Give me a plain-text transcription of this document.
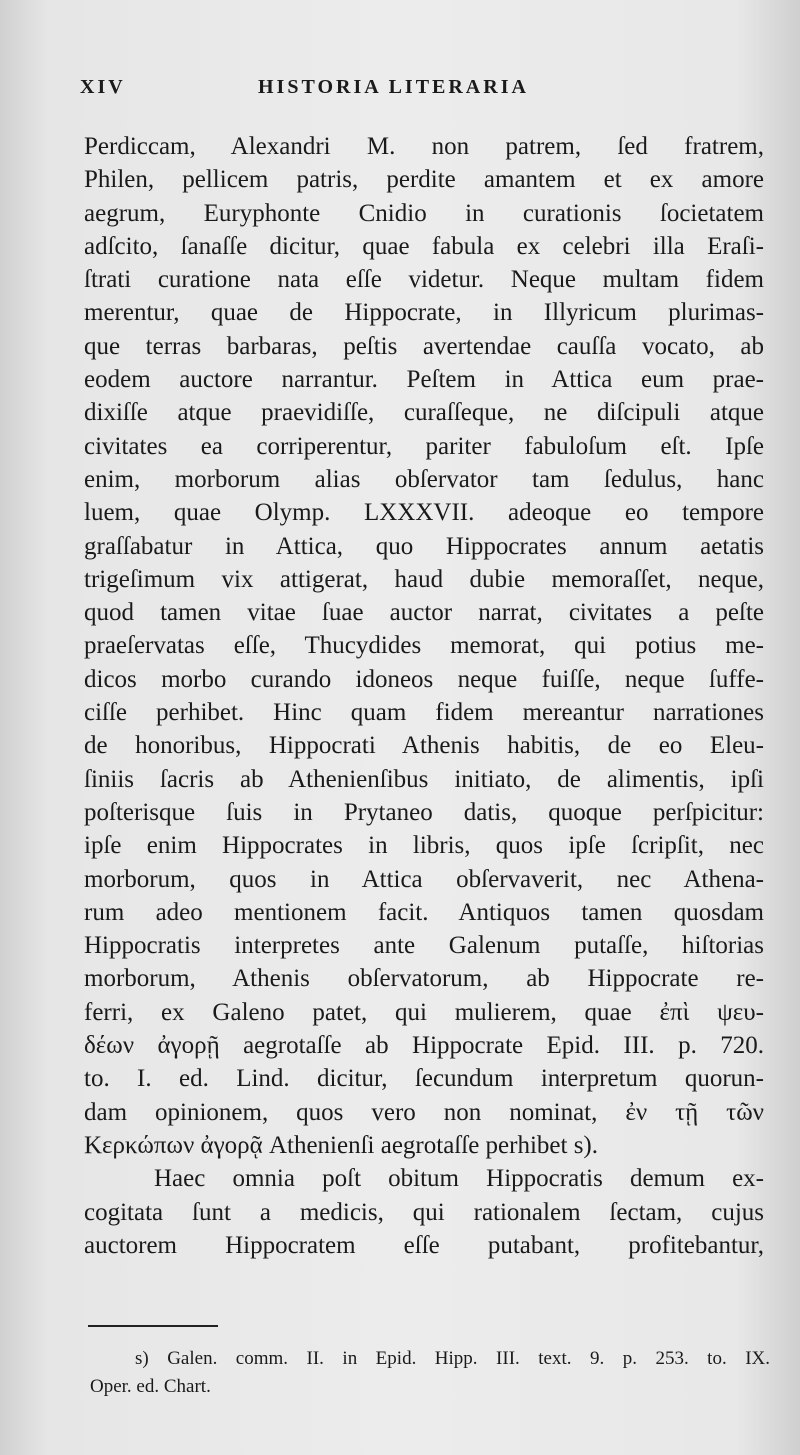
XIV	HISTORIA LITERARIA
Perdiccam, Alexandri M. non patrem, ſed fratrem,
Philen, pellicem patris, perdite amantem et ex amore
aegrum, Euryphonte Cnidio in curationis ſocietatem
adſcito, ſanaſſe dicitur, quae fabula ex celebri illa Eraſi-
ſtrati curatione nata eſſe videtur. Neque multam fidem
merentur, quae de Hippocrate, in Illyricum plurimas-
que terras barbaras, peſtis avertendae cauſſa vocato, ab
eodem auctore narrantur. Peſtem in Attica eum prae-
dixiſſe atque praevidiſſe, curaſſeque, ne diſcipuli atque
civitates ea corriperentur, pariter fabuloſum eſt. Ipſe
enim, morborum alias obſervator tam ſedulus, hanc
luem, quae Olymp. LXXXVII. adeoque eo tempore
graſſabatur in Attica, quo Hippocrates annum aetatis
trigeſimum vix attigerat, haud dubie memoraſſet, neque,
quod tamen vitae ſuae auctor narrat, civitates a peſte
praeſervatas eſſe, Thucydides memorat, qui potius me-
dicos morbo curando idoneos neque fuiſſe, neque ſuffe-
ciſſe perhibet. Hinc quam fidem mereantur narrationes
de honoribus, Hippocrati Athenis habitis, de eo Eleu-
ſiniis ſacris ab Athenienſibus initiato, de alimentis, ipſi
poſterisque ſuis in Prytaneo datis, quoque perſpicitur:
ipſe enim Hippocrates in libris, quos ipſe ſcripſit, nec
morborum, quos in Attica obſervaverit, nec Athena-
rum adeo mentionem facit. Antiquos tamen quosdam
Hippocratis interpretes ante Galenum putaſſe, hiſtorias
morborum, Athenis obſervatorum, ab Hippocrate re-
ferri, ex Galeno patet, qui mulierem, quae ἐπὶ ψευ-
δέων ἀγορῇ aegrotaſſe ab Hippocrate Epid. III. p. 720.
to. I. ed. Lind. dicitur, ſecundum interpretum quorun-
dam opinionem, quos vero non nominat, ἐν τῇ τῶν
Κερκώπων ἀγορᾷ Athenienſi aegrotaſſe perhibet s).
Haec omnia poſt obitum Hippocratis demum ex-
cogitata ſunt a medicis, qui rationalem ſectam, cujus
auctorem Hippocratem eſſe putabant, profitebantur,
s) Galen. comm. II. in Epid. Hipp. III. text. 9. p. 253. to. IX.
Oper. ed. Chart.
